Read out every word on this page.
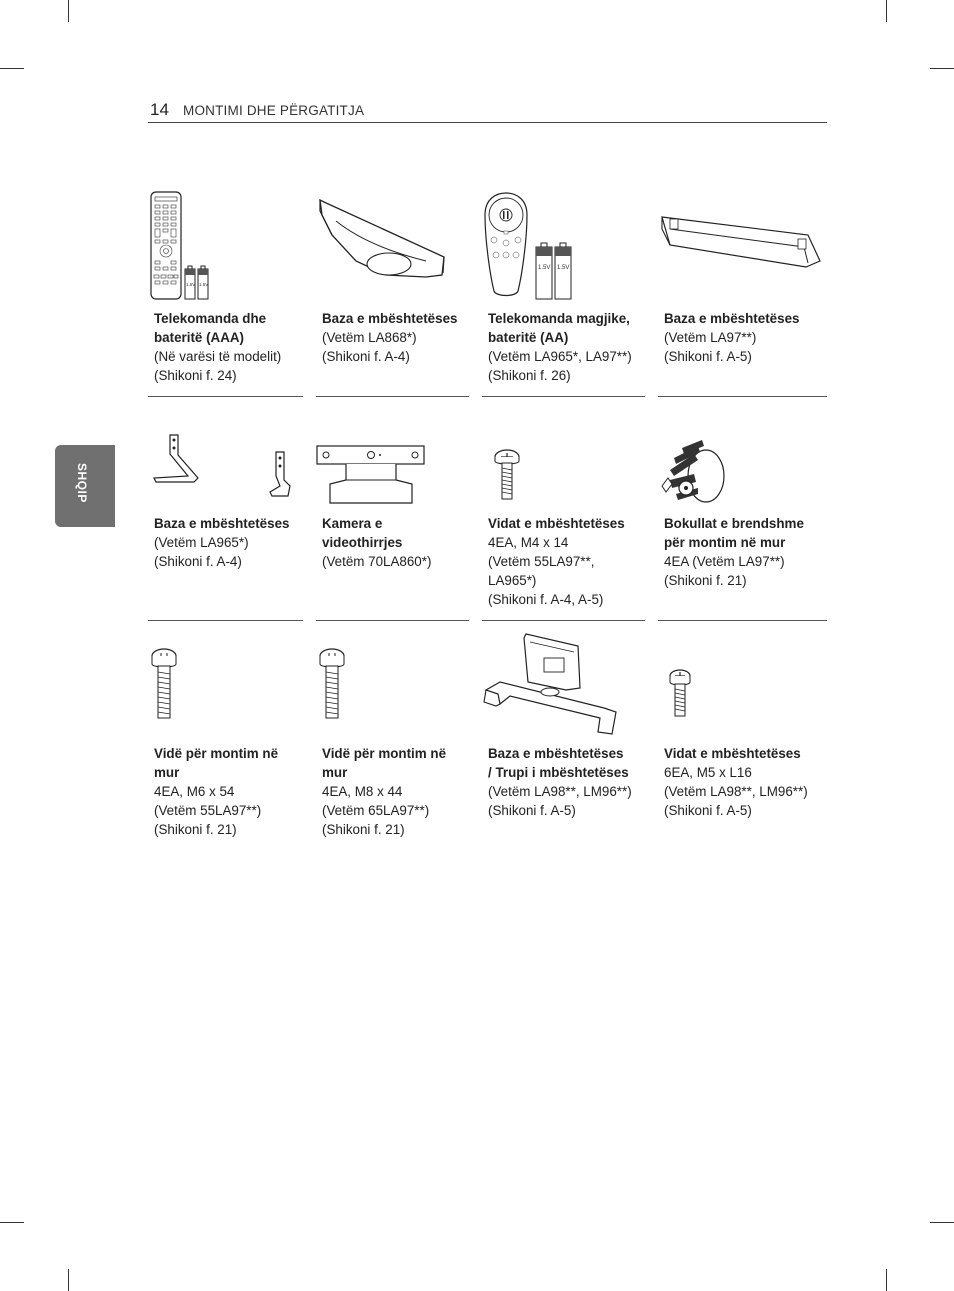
14 MONTIMI DHE PËRGATITJA
SHQIP
1.5V 1.5V
Telekomanda dhe
bateritë (AAA)
(Në varësi të modelit)
(Shikoni f. 24)
Baza e mbështetëses
(Vetëm LA868*)
(Shikoni f. A-4)
1.5V 1.5V
Telekomanda magjike,
bateritë (AA)
(Vetëm LA965*, LA97**)
(Shikoni f. 26)
Baza e mbështetëses
(Vetëm LA97**)
(Shikoni f. A-5)
Baza e mbështetëses
(Vetëm LA965*)
(Shikoni f. A-4)
Kamera e
videothirrjes
(Vetëm 70LA860*)
Vidat e mbështetëses
4EA, M4 x 14
(Vetëm 55LA97**,
LA965*)
(Shikoni f. A-4, A-5)
Bokullat e brendshme
për montim në mur
4EA (Vetëm LA97**)
(Shikoni f. 21)
Vidë për montim në
mur
4EA, M6 x 54
(Vetëm 55LA97**)
(Shikoni f. 21)
Vidë për montim në
mur
4EA, M8 x 44
(Vetëm 65LA97**)
(Shikoni f. 21)
Baza e mbështetëses
/ Trupi i mbështetëses
(Vetëm LA98**, LM96**)
(Shikoni f. A-5)
Vidat e mbështetëses
6EA, M5 x L16
(Vetëm LA98**, LM96**)
(Shikoni f. A-5)
